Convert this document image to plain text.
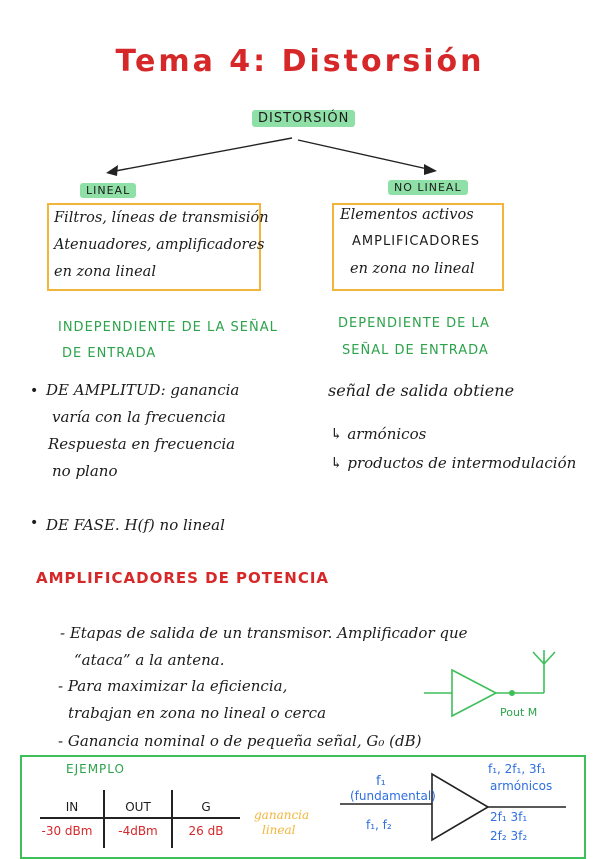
Tema 4: Distorsión
DISTORSIÓN
LINEAL	NO LINEAL
Filtros, líneas de transmisión
Atenuadores, amplificadores
en zona lineal
Elementos activos
AMPLIFICADORES
en zona no lineal
INDEPENDIENTE DE LA SEÑAL
DE ENTRADA
DEPENDIENTE DE LA
SEÑAL DE ENTRADA
• DE AMPLITUD: ganancia
varía con la frecuencia
Respuesta en frecuencia
no plano
• DE FASE. H(f) no lineal
señal de salida obtiene
↳ armónicos
↳ productos de intermodulación
AMPLIFICADORES DE POTENCIA
- Etapas de salida de un transmisor. Amplificador que
“ataca” a la antena.
- Para maximizar la eficiencia,
trabajan en zona no lineal o cerca
- Ganancia nominal o de pequeña señal, G₀ (dB)
Pout M
EJEMPLO
IN	OUT	G
-30 dBm	-4dBm	26 dB
ganancia
lineal
f₁
(fundamental)
f₁, f₂
f₁, 2f₁, 3f₁
armónicos
2f₁ 3f₁
2f₂ 3f₂
